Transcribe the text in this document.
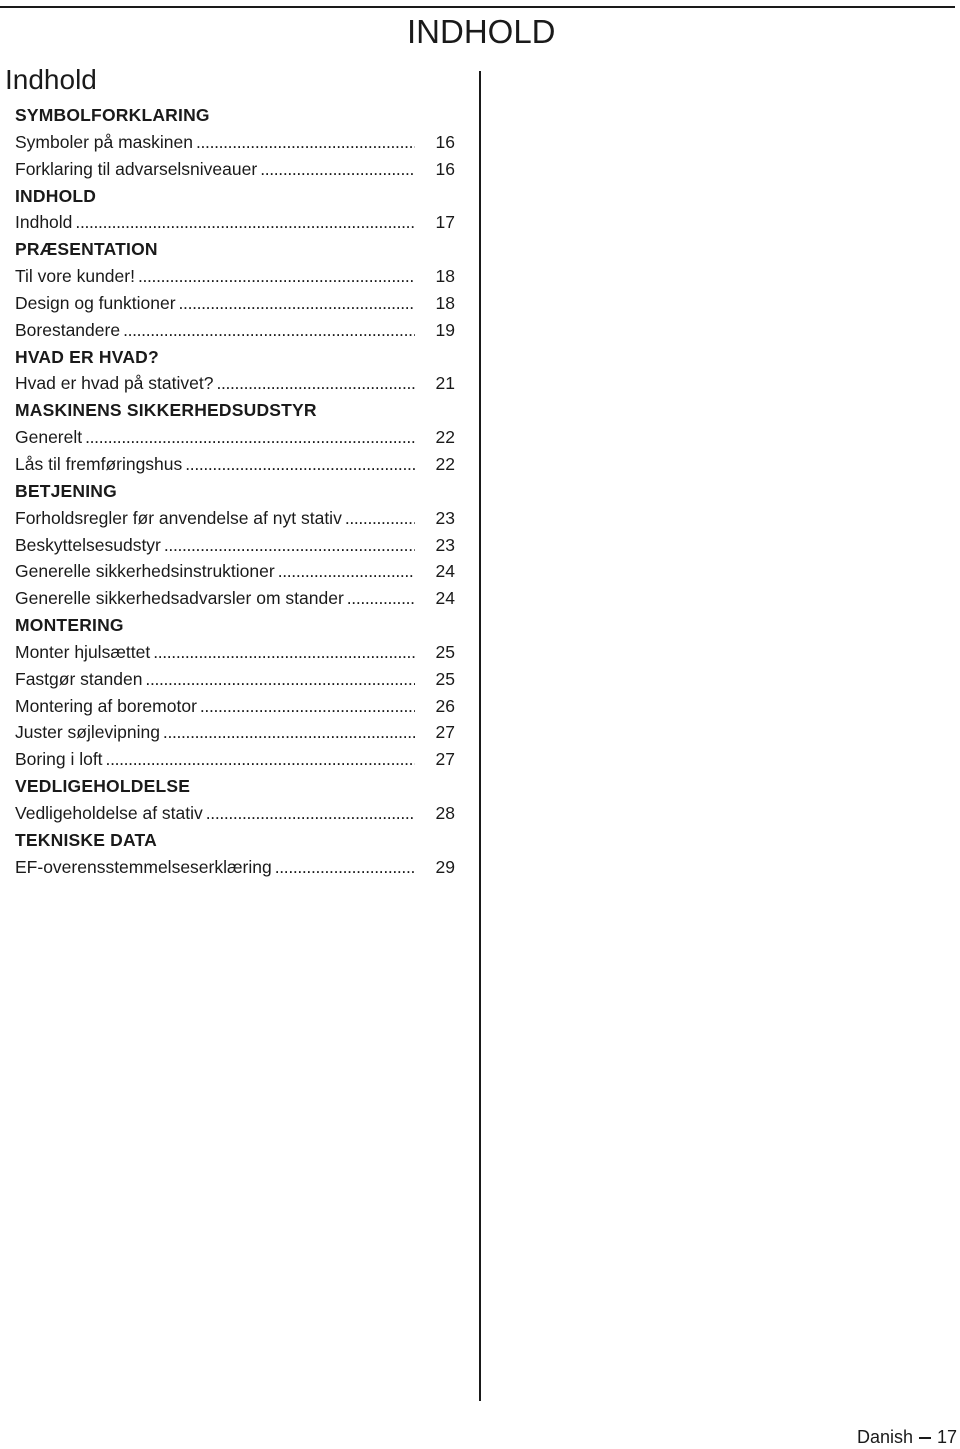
INDHOLD
Indhold
SYMBOLFORKLARING
Symboler på maskinen . . .	16
Forklaring til advarselsniveauer . . .	16
INDHOLD
Indhold . . .	17
PRÆSENTATION
Til vore kunder! . . .	18
Design og funktioner . . .	18
Borestandere . . .	19
HVAD ER HVAD?
Hvad er hvad på stativet? . . .	21
MASKINENS SIKKERHEDSUDSTYR
Generelt . . .	22
Lås til fremføringshus . . .	22
BETJENING
Forholdsregler før anvendelse af nyt stativ . . .	23
Beskyttelsesudstyr . . .	23
Generelle sikkerhedsinstruktioner . . .	24
Generelle sikkerhedsadvarsler om stander . . .	24
MONTERING
Monter hjulsættet . . .	25
Fastgør standen . . .	25
Montering af boremotor . . .	26
Juster søjlevipning . . .	27
Boring i loft . . .	27
VEDLIGEHOLDELSE
Vedligeholdelse af stativ . . .	28
TEKNISKE DATA
EF-overensstemmelseserklæring . . .	29
Danish 17
